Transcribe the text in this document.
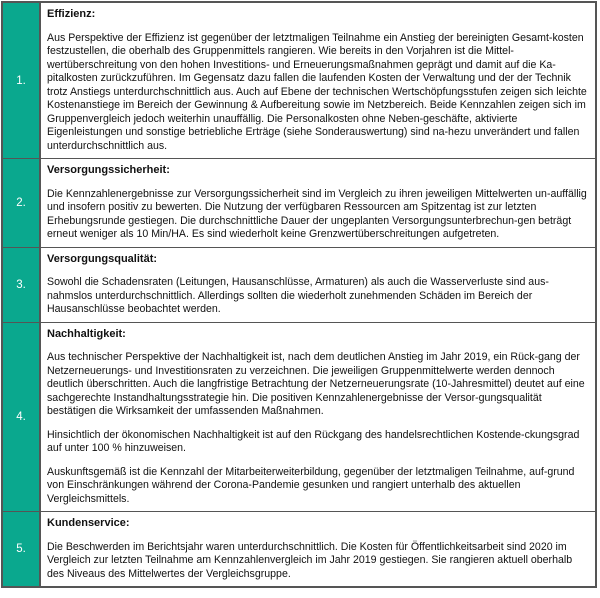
1.
Effizienz:

Aus Perspektive der Effizienz ist gegenüber der letztmaligen Teilnahme ein Anstieg der bereinigten Gesamt-kosten festzustellen, die oberhalb des Gruppenmittels rangieren. Wie bereits in den Vorjahren ist die Mittel-wertüberschreitung von den hohen Investitions- und Erneuerungsmaßnahmen geprägt und damit auf die Ka-pitalkosten zurückzuführen. Im Gegensatz dazu fallen die laufenden Kosten der Verwaltung und der der Technik trotz Anstiegs unterdurchschnittlich aus. Auch auf Ebene der technischen Wertschöpfungsstufen zeigen sich leichte Kostenanstiege im Bereich der Gewinnung & Aufbereitung sowie im Netzbereich. Beide Kennzahlen zeigen sich im Gruppenvergleich jedoch weiterhin unauffällig. Die Personalkosten ohne Neben-geschäfte, aktivierte Eigenleistungen und sonstige betriebliche Erträge (siehe Sonderauswertung) sind na-hezu unverändert und fallen unterdurchschnittlich aus.

2.
Versorgungssicherheit:

Die Kennzahlenergebnisse zur Versorgungssicherheit sind im Vergleich zu ihren jeweiligen Mittelwerten un-auffällig und insofern positiv zu bewerten. Die Nutzung der verfügbaren Ressourcen am Spitzentag ist zur letzten Erhebungsrunde gestiegen. Die durchschnittliche Dauer der ungeplanten Versorgungsunterbrechun-gen beträgt erneut weniger als 10 Min/HA. Es sind wiederholt keine Grenzwertüberschreitungen aufgetreten.

3.
Versorgungsqualität:

Sowohl die Schadensraten (Leitungen, Hausanschlüsse, Armaturen) als auch die Wasserverluste sind aus-nahmslos unterdurchschnittlich. Allerdings sollten die wiederholt zunehmenden Schäden im Bereich der Hausanschlüsse beobachtet werden.

4.
Nachhaltigkeit:

Aus technischer Perspektive der Nachhaltigkeit ist, nach dem deutlichen Anstieg im Jahr 2019, ein Rück-gang der Netzerneuerungs- und Investitionsraten zu verzeichnen. Die jeweiligen Gruppenmittelwerte werden dennoch deutlich überschritten. Auch die langfristige Betrachtung der Netzerneuerungsrate (10-Jahresmittel) deutet auf eine sachgerechte Instandhaltungsstrategie hin. Die positiven Kennzahlenergebnisse der Versor-gungsqualität bestätigen die Wirksamkeit der umfassenden Maßnahmen.

Hinsichtlich der ökonomischen Nachhaltigkeit ist auf den Rückgang des handelsrechtlichen Kostende-ckungsgrad auf unter 100 % hinzuweisen.

Auskunftsgemäß ist die Kennzahl der Mitarbeiterweiterbildung, gegenüber der letztmaligen Teilnahme, auf-grund von Einschränkungen während der Corona-Pandemie gesunken und rangiert unterhalb des aktuellen Vergleichsmittels.

5.
Kundenservice:

Die Beschwerden im Berichtsjahr waren unterdurchschnittlich. Die Kosten für Öffentlichkeitsarbeit sind 2020 im Vergleich zur letzten Teilnahme am Kennzahlenvergleich im Jahr 2019 gestiegen. Sie rangieren aktuell oberhalb des Niveaus des Mittelwertes der Vergleichsgruppe.
